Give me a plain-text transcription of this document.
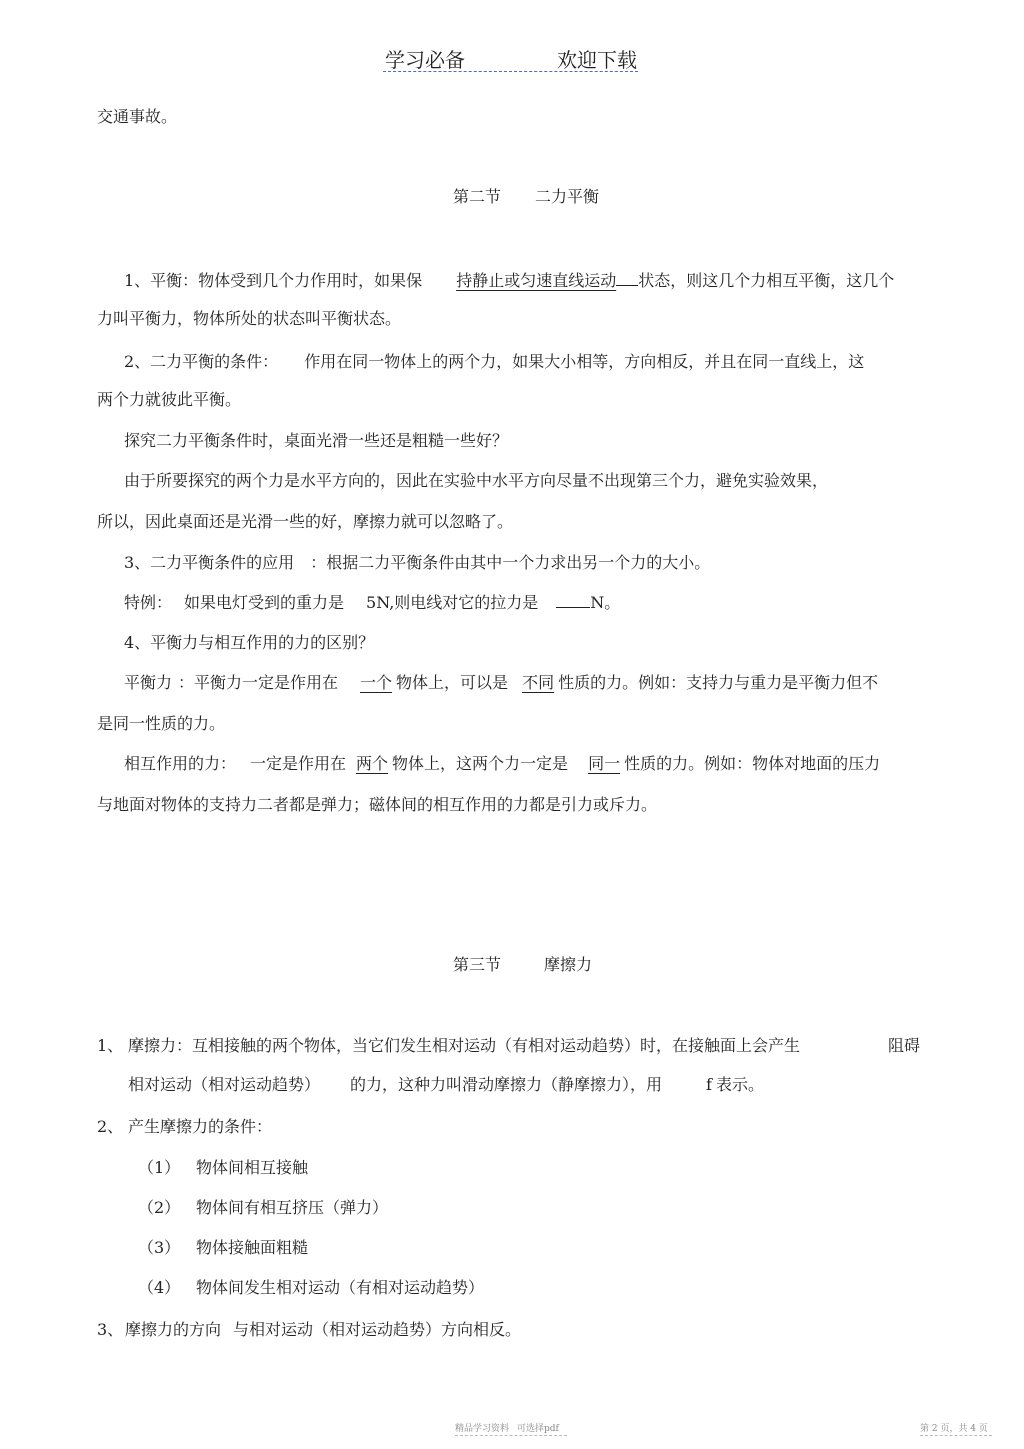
学习必备	欢迎下载
交通事故。
第二节 二力平衡
1、平衡：物体受到几个力作用时，如果保 持静止或匀速直线运动 状态，则这几个力相互平衡，这几个
力叫平衡力，物体所处的状态叫平衡状态。
2、二力平衡的条件： 作用在同一物体上的两个力，如果大小相等，方向相反，并且在同一直线上，这
两个力就彼此平衡。
探究二力平衡条件时，桌面光滑一些还是粗糙一些好？
由于所要探究的两个力是水平方向的，因此在实验中水平方向尽量不出现第三个力，避免实验效果，
所以，因此桌面还是光滑一些的好，摩擦力就可以忽略了。
3、二力平衡条件的应用 ：根据二力平衡条件由其中一个力求出另一个力的大小。
特例： 如果电灯受到的重力是 5N,则电线对它的拉力是	N。
4、平衡力与相互作用的力的区别？
平衡力 ：平衡力一定是作用在 一个 物体上，可以是 不同 性质的力。例如：支持力与重力是平衡力但不
是同一性质的力。
相互作用的力： 一定是作用在 两个 物体上，这两个力一定是 同一 性质的力。例如：物体对地面的压力
与地面对物体的支持力二者都是弹力；磁体间的相互作用的力都是引力或斥力。
第三节	摩擦力
1、 摩擦力：互相接触的两个物体，当它们发生相对运动（有相对运动趋势）时，在接触面上会产生	阻碍
相对运动（相对运动趋势） 的力，这种力叫滑动摩擦力（静摩擦力），用	f 表示。
2、 产生摩擦力的条件：
（1） 物体间相互接触
（2） 物体间有相互挤压（弹力）
（3） 物体接触面粗糙
（4） 物体间发生相对运动（有相对运动趋势）
3、 摩擦力的方向 与相对运动（相对运动趋势）方向相反。
精品学习资料 可选择pdf	第 2 页，共 4 页
